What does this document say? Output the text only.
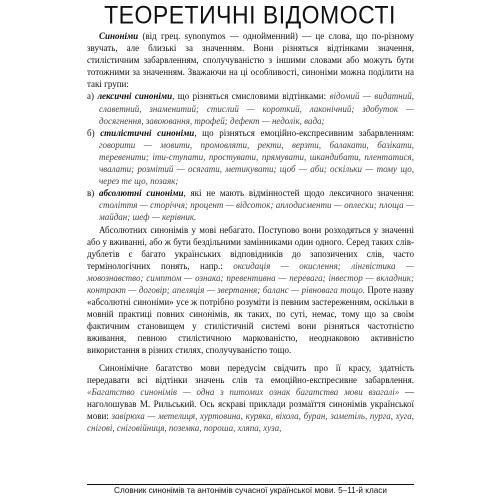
ТЕОРЕТИЧНІ ВІДОМОСТІ

Синоніми (від грец. synonymos — однойменний) — це слова, що по-різному звучать, але близькі за значенням. Вони різняться відтінками значення, стилістичним забарвленням, сполучуваністю з іншими словами або можуть бути тотожними за значенням. Зважаючи на ці особливості, синоніми можна поділити на такі групи:

а) лексичні синоніми, що різняться смисловими відтінками: відомий — видатний, славетний, знаменитий; стислий — короткий, лаконічний; здобуток — досягнення, завоювання, трофей; дефект — недолік, вада;

б) стилістичні синоніми, що різняться емоційно-експресивним забарвленням: говорити — мовити, промовляти, ректи, верзти, балакати, базікати, теревенити; іти-ступати, простувати, прямувати, шкандибати, плентатися, чвалати; розмітий — осягати, метикувати; щоб — аби; оскільки — тому що, через те що, позаяк;

в) абсолютні синоніми, які не мають відмінностей щодо лексичного значення: століття — сторіччя; процент — відсоток; аплодисменти — оплески; площа — майдан; шеф — керівник.

Абсолютних синонімів у мові небагато. Поступово вони розходяться у значенні або у вживанні, або ж бути бездільними замінниками один одного. Серед таких слів-дублетів є багато українських відповідників до запозичених слів, часто термінологічних понять, напр.: оксидація — окислення; лінгвістика — мовознавство; симптом — ознака; превентивна — перевага; інвестор — вкладник; контракт — договір; апеляція — звертання; баланс — рівновага тощо. Проте назву «абсолютні синоніми» усе ж потрібно розуміти із певним застереженням, оскільки в мовній практиці повних синонімів, як таких, по суті, немає, тому що за своїм фактичним становищем у стилістичній системі вони різняться частотністю вживання, певною стилістичною маркованістю, неоднаковою активністю використання в різних стилях, сполучуваністю тощо.

Синонімічне багатство мови передусім свідчить про її красу, здатність передавати всі відтінки значень слів та емоційно-експресивне забарвлення. «Багатство синонімів — одна з питомих ознак багатства мови взагалі» — наголошував М. Рильський. Ось яскраві приклади розмаїття синонімів української мови: завірюха — метелиця, хуртовина, куряка, віхола, буран, заметіль, пурга, хуга, снігові, сніговійниця, поземка, пороша, хляпа, хуза,

Словник синонімів та антонімів сучасної української мови. 5–11-й класи
